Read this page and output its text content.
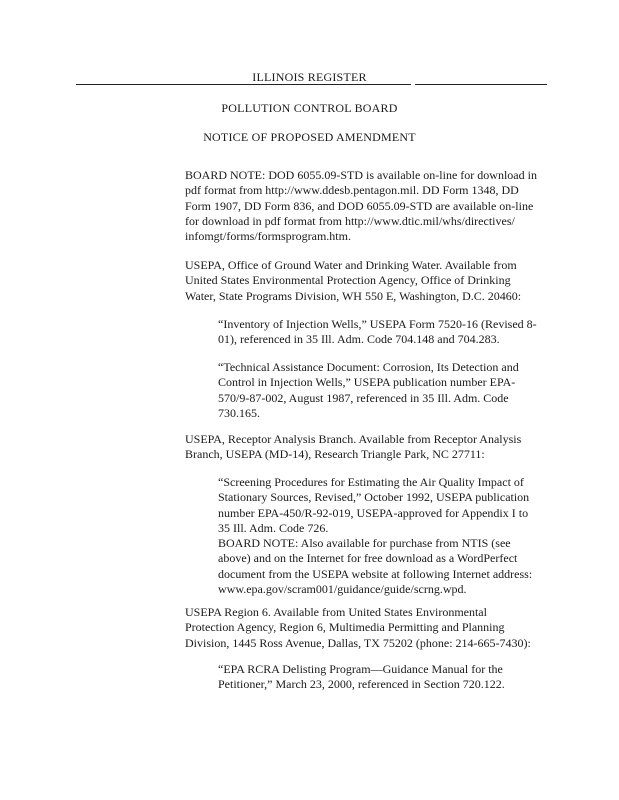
ILLINOIS REGISTER
POLLUTION CONTROL BOARD
NOTICE OF PROPOSED AMENDMENT
BOARD NOTE: DOD 6055.09-STD is available on-line for download in
pdf format from http://www.ddesb.pentagon.mil. DD Form 1348, DD
Form 1907, DD Form 836, and DOD 6055.09-STD are available on-line
for download in pdf format from http://www.dtic.mil/whs/directives/
infomgt/forms/formsprogram.htm.
USEPA, Office of Ground Water and Drinking Water. Available from
United States Environmental Protection Agency, Office of Drinking
Water, State Programs Division, WH 550 E, Washington, D.C. 20460:
“Inventory of Injection Wells,” USEPA Form 7520-16 (Revised 8-
01), referenced in 35 Ill. Adm. Code 704.148 and 704.283.
“Technical Assistance Document: Corrosion, Its Detection and
Control in Injection Wells,” USEPA publication number EPA-
570/9-87-002, August 1987, referenced in 35 Ill. Adm. Code
730.165.
USEPA, Receptor Analysis Branch. Available from Receptor Analysis
Branch, USEPA (MD-14), Research Triangle Park, NC 27711:
“Screening Procedures for Estimating the Air Quality Impact of
Stationary Sources, Revised,” October 1992, USEPA publication
number EPA-450/R-92-019, USEPA-approved for Appendix I to
35 Ill. Adm. Code 726.
BOARD NOTE: Also available for purchase from NTIS (see
above) and on the Internet for free download as a WordPerfect
document from the USEPA website at following Internet address:
www.epa.gov/scram001/guidance/guide/scrng.wpd.
USEPA Region 6. Available from United States Environmental
Protection Agency, Region 6, Multimedia Permitting and Planning
Division, 1445 Ross Avenue, Dallas, TX 75202 (phone: 214-665-7430):
“EPA RCRA Delisting Program—Guidance Manual for the
Petitioner,” March 23, 2000, referenced in Section 720.122.
